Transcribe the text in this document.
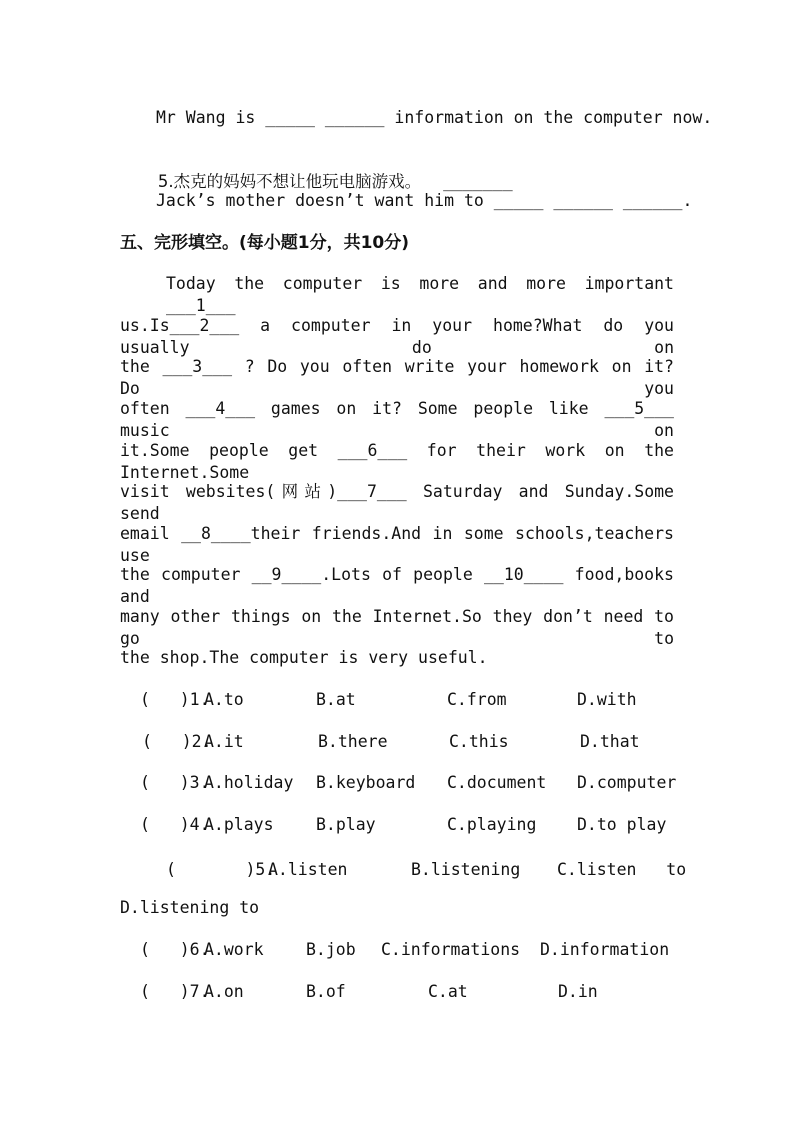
Mr Wang is _____ ______ information on the computer now.

5.杰克的妈妈不想让他玩电脑游戏。 _______

Jack’s mother doesn’t want him to _____ ______ ______.
五、完形填空。(每小题1分，共10分)
Today the computer is more and more important ___1___
us.Is___2___ a computer in your home?What do you usually do on
the ___3___ ? Do you often write your homework on it? Do you
often ___4___ games on it? Some people like ___5___ music on
it.Some people get ___6___ for their work on the Internet.Some
visit websites(网站)___7___ Saturday and Sunday.Some send
email __8____their friends.And in some schools,teachers use
the computer __9____.Lots of people __10____ food,books and
many other things on the Internet.So they don’t need to go to
the shop.The computer is very useful.
(   )1.
A.to	B.at	C.from	D.with
(   )2.
A.it	B.there	C.this	D.that
(   )3.
A.holiday B.keyboard C.document D.computer
(   )4.
A.plays	B.play	C.playing D.to play
(       )5.
A.listen	B.listening C.listen   to
D.listening to
(   )6.
A.work	B.job C.informations D.information
(   )7.
A.on	B.of	C.at	D.in
